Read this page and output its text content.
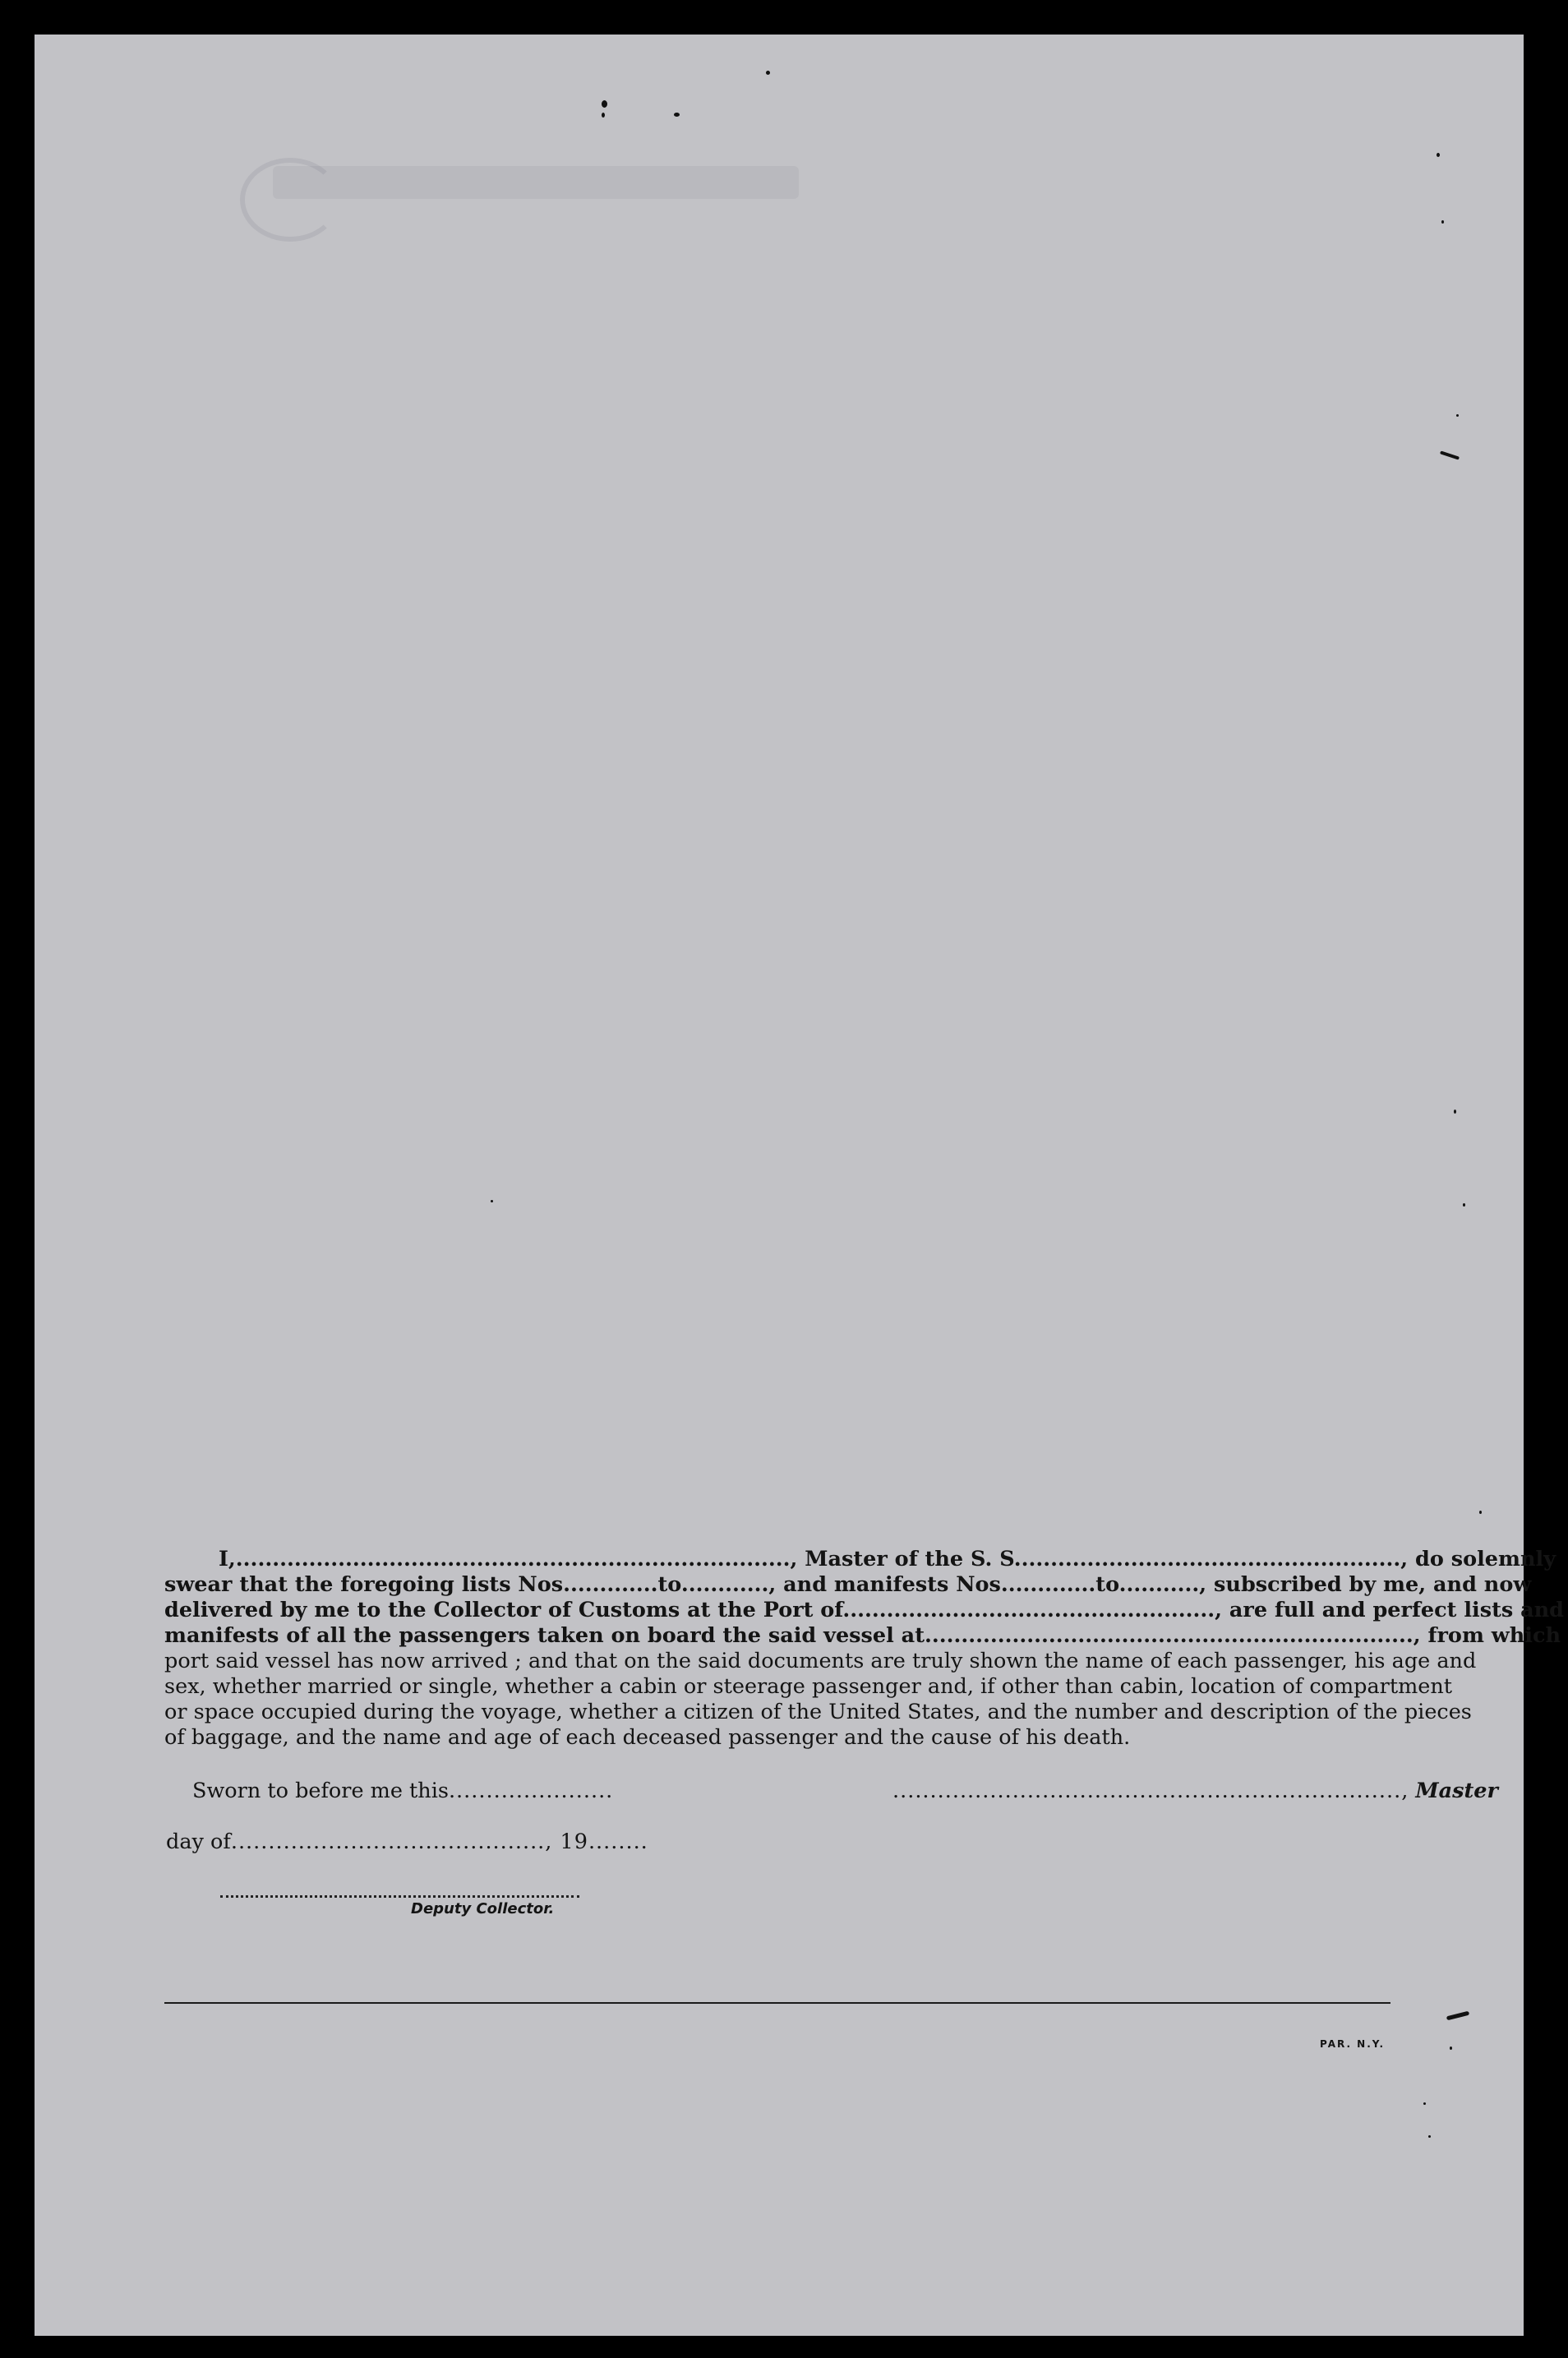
I,............................................................................, Master of the S. S....................................................., do solemnly

swear that the foregoing lists Nos.............to............, and manifests Nos.............to..........., subscribed by me, and now

delivered by me to the Collector of Customs at the Port of..................................................., are full and perfect lists and

manifests of all the passengers taken on board the said vessel at..................................................................., from which

port said vessel has now arrived ; and that on the said documents are truly shown the name of each passenger, his age and

sex, whether married or single, whether a cabin or steerage passenger and, if other than cabin, location of compartment

or space occupied during the voyage, whether a citizen of the United States, and the number and description of the pieces

of baggage, and the name and age of each deceased passenger and the cause of his death.

Sworn to before me this......................	...................................................................., Master
day of.........................................., 19........
Deputy Collector.
PAR. N.Y.
